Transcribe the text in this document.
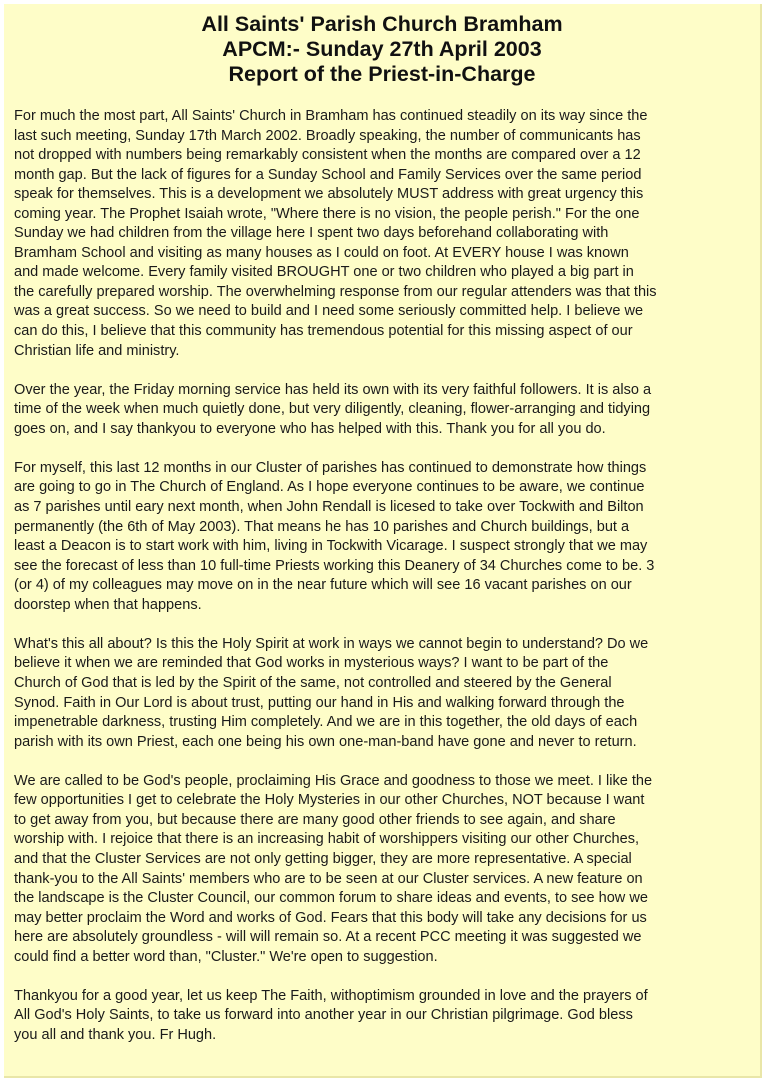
All Saints' Parish Church Bramham
APCM:- Sunday 27th April 2003
Report of the Priest-in-Charge
For much the most part, All Saints' Church in Bramham has continued steadily on its way since the
last such meeting, Sunday 17th March 2002. Broadly speaking, the number of communicants has
not dropped with numbers being remarkably consistent when the months are compared over a 12
month gap. But the lack of figures for a Sunday School and Family Services over the same period
speak for themselves. This is a development we absolutely MUST address with great urgency this
coming year. The Prophet Isaiah wrote, "Where there is no vision, the people perish." For the one
Sunday we had children from the village here I spent two days beforehand collaborating with
Bramham School and visiting as many houses as I could on foot. At EVERY house I was known
and made welcome. Every family visited BROUGHT one or two children who played a big part in
the carefully prepared worship. The overwhelming response from our regular attenders was that this
was a great success. So we need to build and I need some seriously committed help. I believe we
can do this, I believe that this community has tremendous potential for this missing aspect of our
Christian life and ministry.
Over the year, the Friday morning service has held its own with its very faithful followers. It is also a
time of the week when much quietly done, but very diligently, cleaning, flower-arranging and tidying
goes on, and I say thankyou to everyone who has helped with this. Thank you for all you do.
For myself, this last 12 months in our Cluster of parishes has continued to demonstrate how things
are going to go in The Church of England. As I hope everyone continues to be aware, we continue
as 7 parishes until eary next month, when John Rendall is licesed to take over Tockwith and Bilton
permanently (the 6th of May 2003). That means he has 10 parishes and Church buildings, but a
least a Deacon is to start work with him, living in Tockwith Vicarage. I suspect strongly that we may
see the forecast of less than 10 full-time Priests working this Deanery of 34 Churches come to be. 3
(or 4) of my colleagues may move on in the near future which will see 16 vacant parishes on our
doorstep when that happens.
What's this all about? Is this the Holy Spirit at work in ways we cannot begin to understand? Do we
believe it when we are reminded that God works in mysterious ways? I want to be part of the
Church of God that is led by the Spirit of the same, not controlled and steered by the General
Synod. Faith in Our Lord is about trust, putting our hand in His and walking forward through the
impenetrable darkness, trusting Him completely. And we are in this together, the old days of each
parish with its own Priest, each one being his own one-man-band have gone and never to return.
We are called to be God's people, proclaiming His Grace and goodness to those we meet. I like the
few opportunities I get to celebrate the Holy Mysteries in our other Churches, NOT because I want
to get away from you, but because there are many good other friends to see again, and share
worship with. I rejoice that there is an increasing habit of worshippers visiting our other Churches,
and that the Cluster Services are not only getting bigger, they are more representative. A special
thank-you to the All Saints' members who are to be seen at our Cluster services. A new feature on
the landscape is the Cluster Council, our common forum to share ideas and events, to see how we
may better proclaim the Word and works of God. Fears that this body will take any decisions for us
here are absolutely groundless - will will remain so. At a recent PCC meeting it was suggested we
could find a better word than, "Cluster." We're open to suggestion.
Thankyou for a good year, let us keep The Faith, withoptimism grounded in love and the prayers of
All God's Holy Saints, to take us forward into another year in our Christian pilgrimage. God bless
you all and thank you. Fr Hugh.
